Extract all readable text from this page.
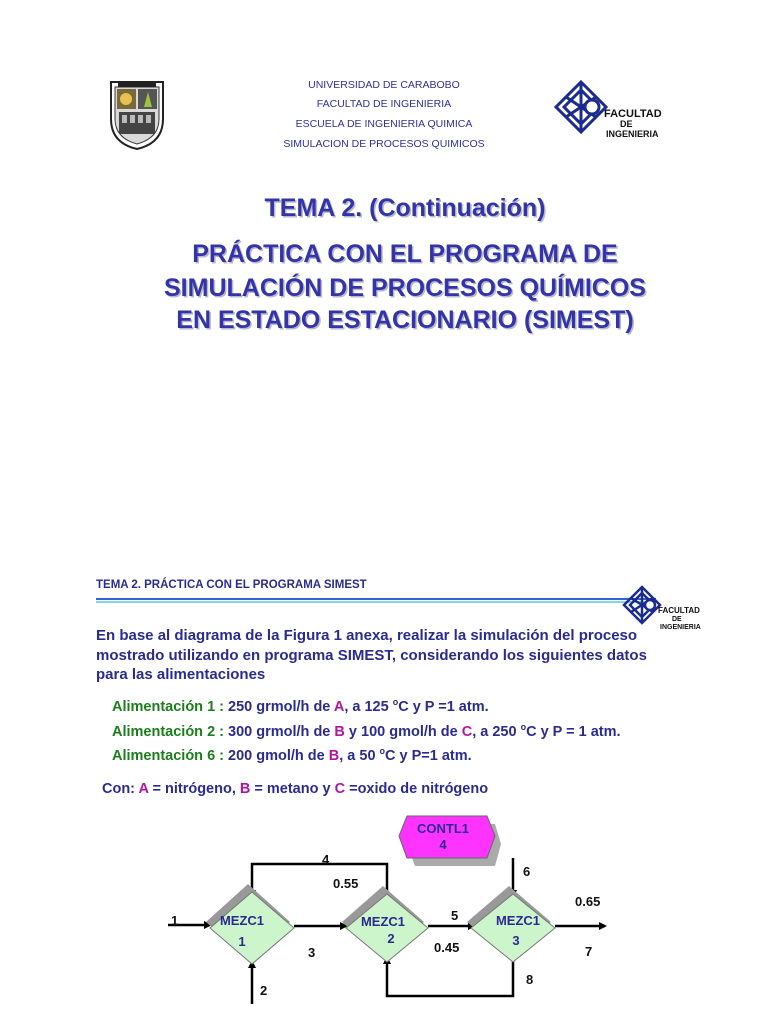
UNIVERSIDAD DE CARABOBO
FACULTAD DE INGENIERIA
ESCUELA DE INGENIERIA QUIMICA
SIMULACION DE PROCESOS QUIMICOS
FACULTAD
DE
INGENIERIA
TEMA 2. (Continuación)
PRÁCTICA CON EL PROGRAMA DE
SIMULACIÓN DE PROCESOS QUÍMICOS
EN ESTADO ESTACIONARIO (SIMEST)
TEMA 2. PRÁCTICA CON EL PROGRAMA SIMEST
FACULTAD
DE
INGENIERIA
En base al diagrama de la Figura 1 anexa, realizar la simulación del proceso mostrado utilizando en programa SIMEST, considerando los siguientes datos para las alimentaciones
Alimentación 1 : 250 grmol/h de A, a 125 $^o$C y P =1 atm.
Alimentación 2 : 300 grmol/h de B y 100 gmol/h de C, a 250 $^o$C y P = 1 atm.
Alimentación 6 : 200 gmol/h de B, a 50 $^o$C y P=1 atm.
Con: A = nitrógeno, B = metano y C =oxido de nitrógeno
CONTL1
4
4
0.55
1
2
3
5
0.45
6
7
0.65
8
MEZC1
1
MEZC1
2
MEZC1
3
